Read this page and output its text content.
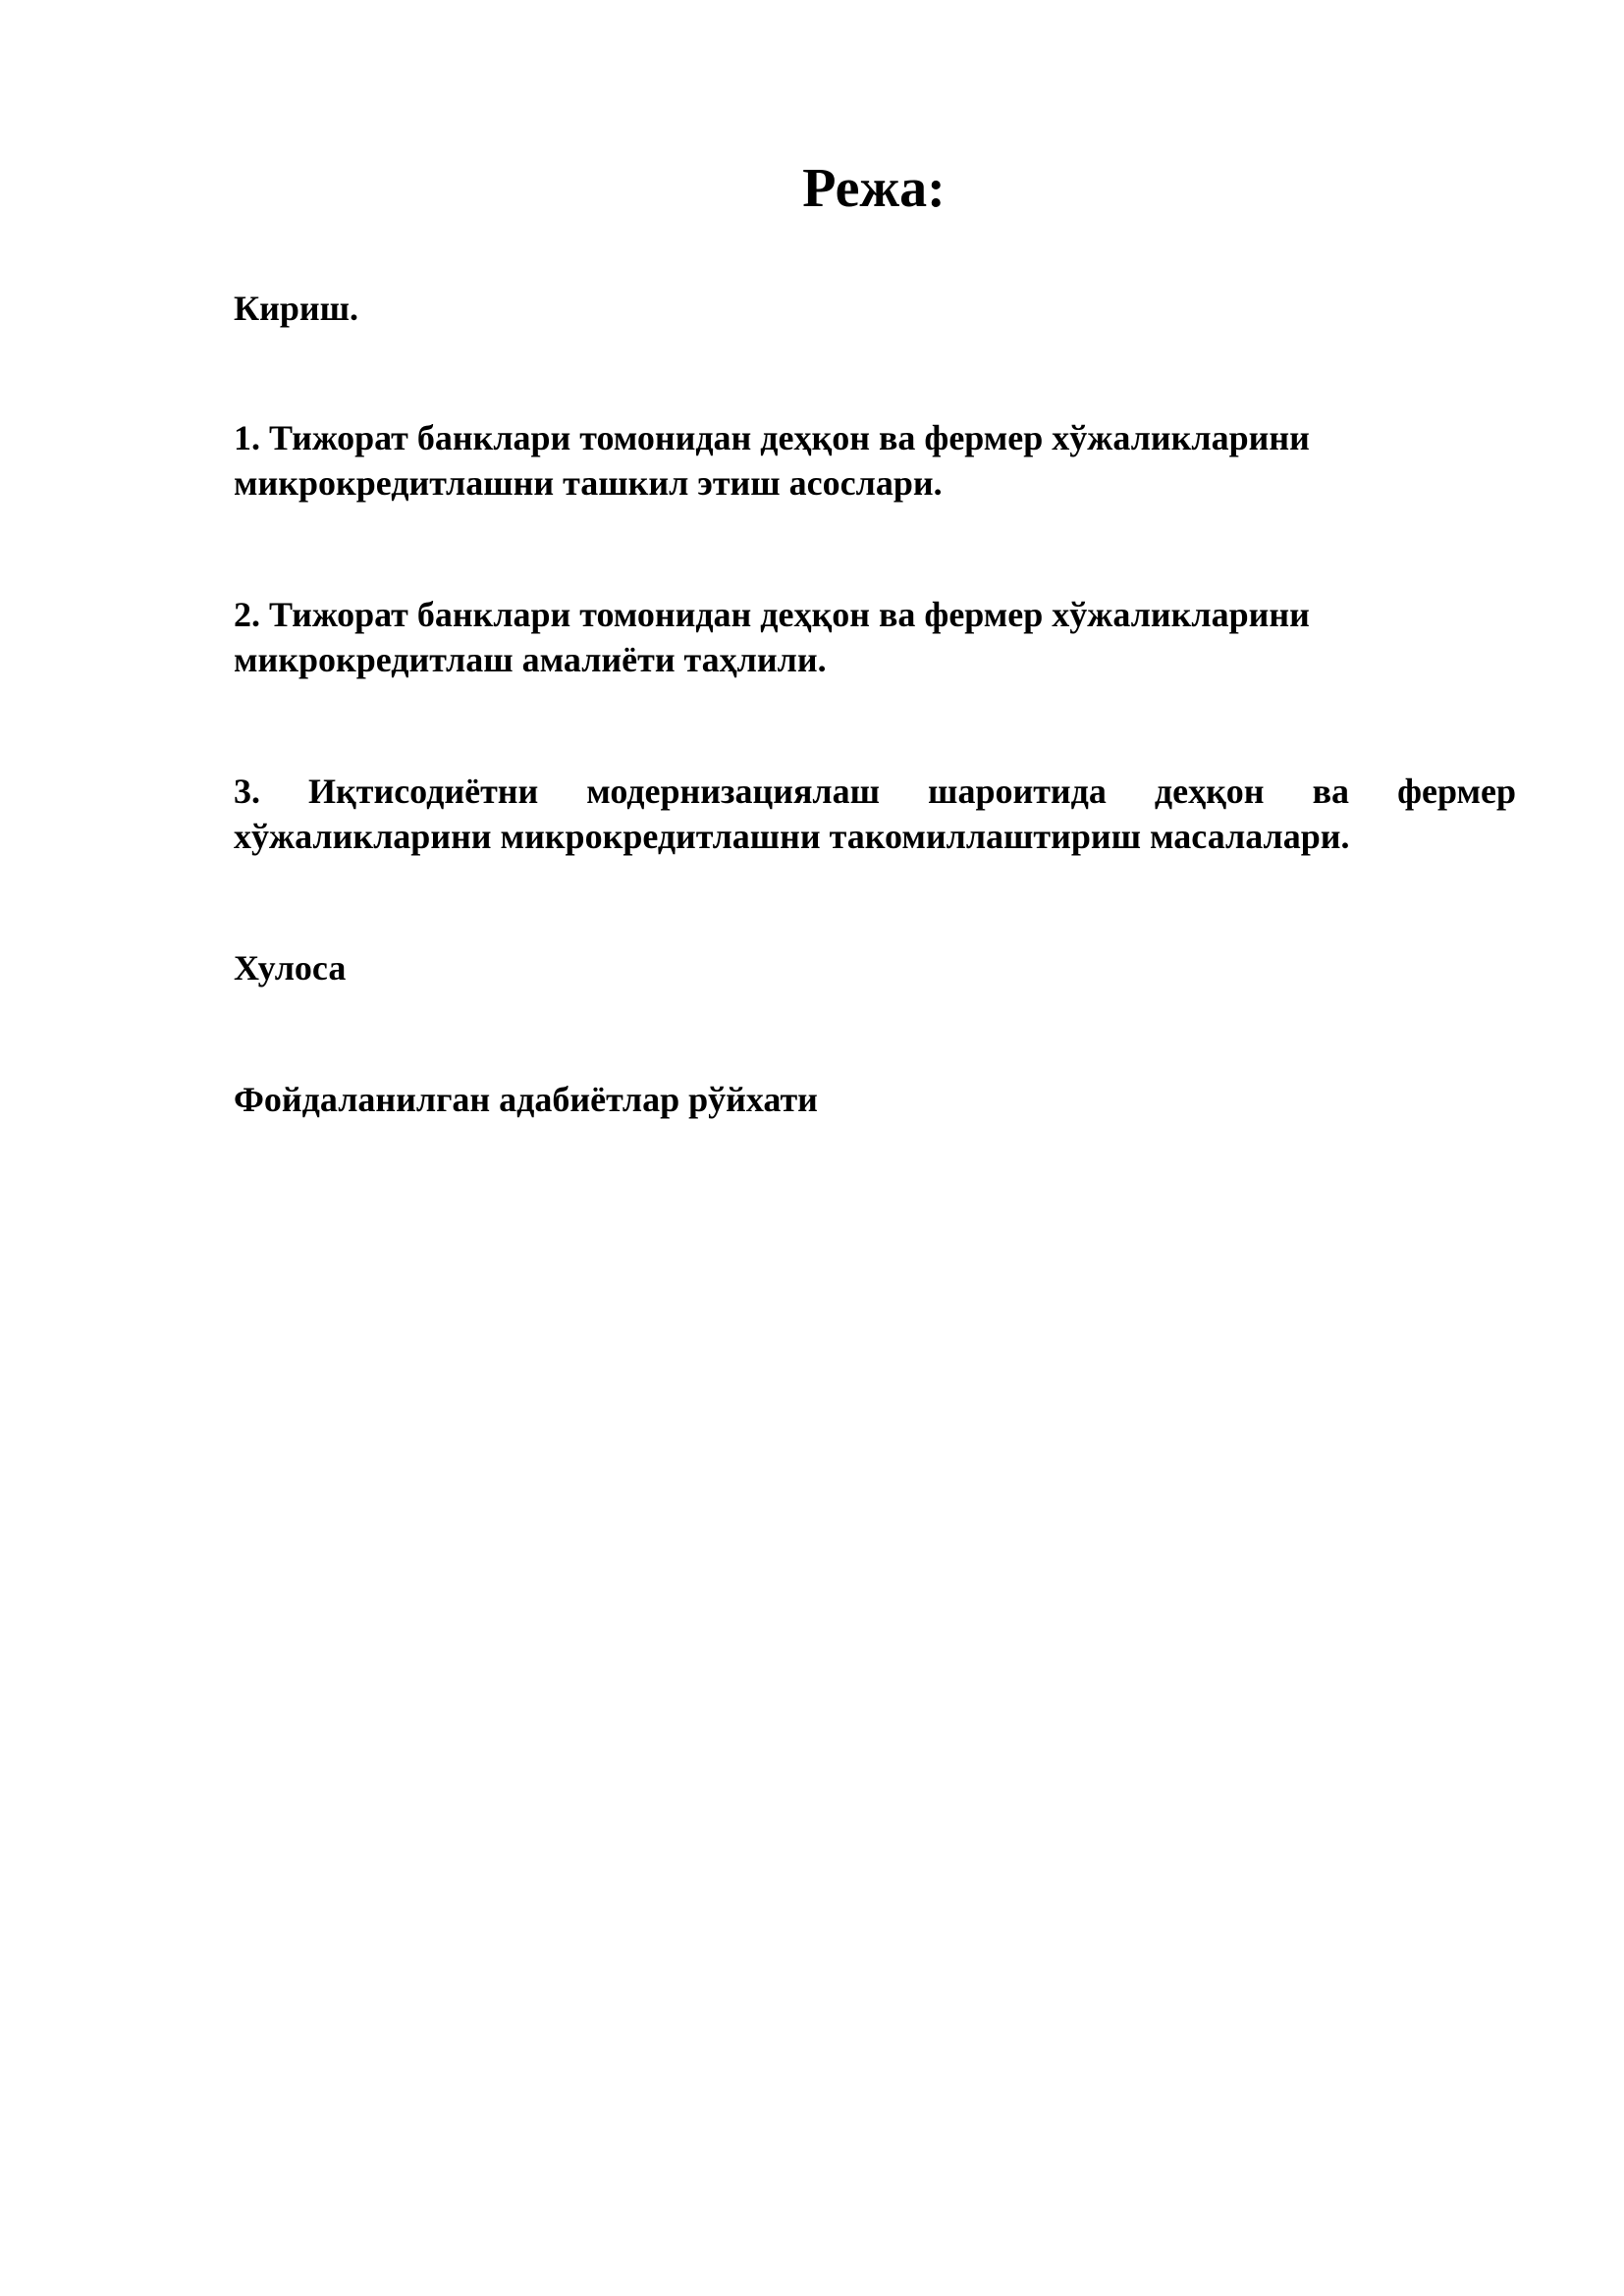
Режа:

Кириш.

1. Тижорат банклари томонидан деҳқон ва фермер хўжаликларини

микрокредитлашни ташкил этиш асослари.

2. Тижорат банклари томонидан деҳқон ва фермер хўжаликларини

микрокредитлаш амалиёти таҳлили.

3. Иқтисодиётни модернизациялаш шароитида деҳқон ва фермер

хўжаликларини микрокредитлашни такомиллаштириш масалалари.

Хулоса

Фойдаланилган адабиётлар рўйхати
